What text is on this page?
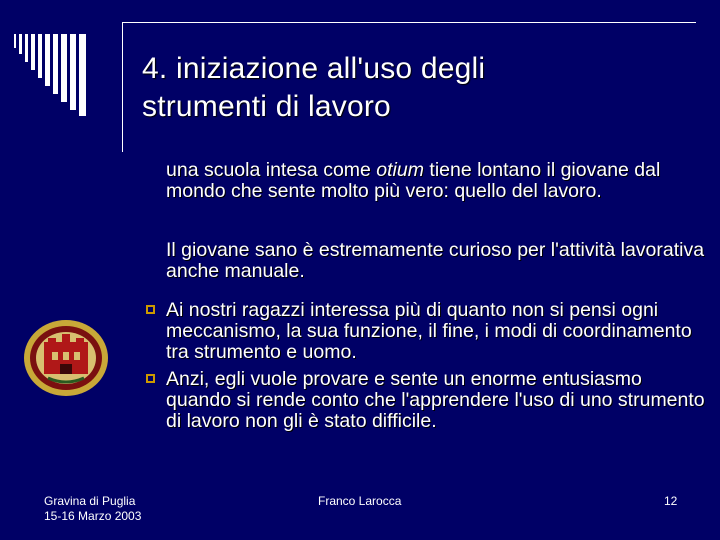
4. iniziazione all'uso degli
strumenti di lavoro
una scuola intesa come otium tiene lontano il giovane dal mondo che sente molto più vero: quello del lavoro.
Il giovane sano è estremamente curioso per l'attività lavorativa anche manuale.
Ai nostri ragazzi interessa più di quanto non si pensi ogni meccanismo, la sua funzione, il fine, i modi di coordinamento tra strumento e uomo.
Anzi, egli vuole provare e sente un enorme entusiasmo quando si rende conto che l'apprendere l'uso di uno strumento di lavoro non gli è stato difficile.
Gravina di Puglia
15-16 Marzo 2003
Franco Larocca	12
